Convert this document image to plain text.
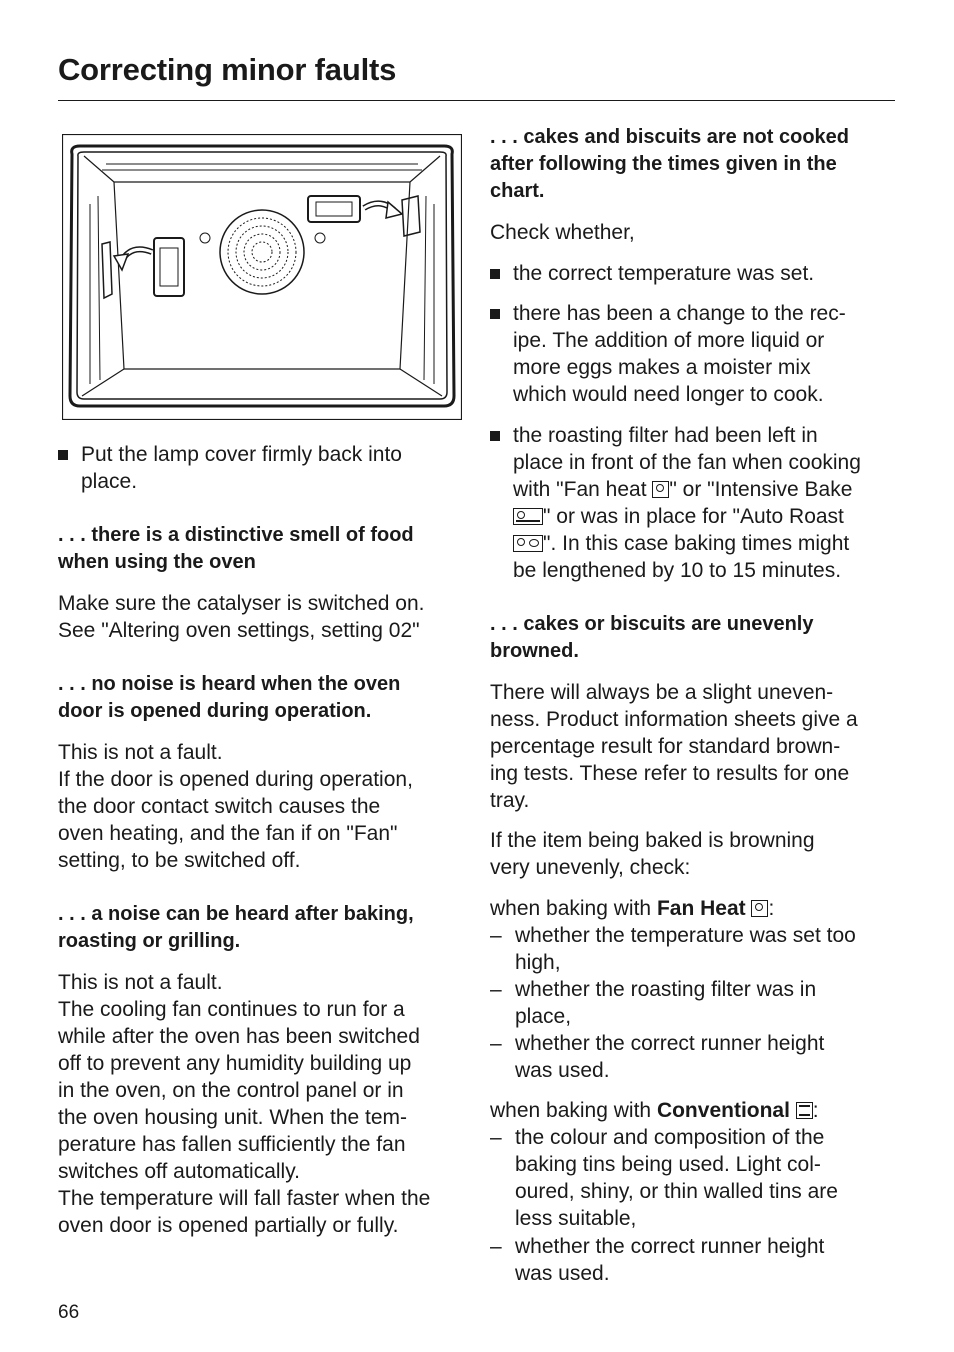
Correcting minor faults
Put the lamp cover firmly back into
place.
. . . there is a distinctive smell of food
when using the oven
Make sure the catalyser is switched on.
See "Altering oven settings, setting 02"
. . . no noise is heard when the oven
door is opened during operation.
This is not a fault.
If the door is opened during operation,
the door contact switch causes the
oven heating, and the fan if on "Fan"
setting, to be switched off.
. . . a noise can be heard after baking,
roasting or grilling.
This is not a fault.
The cooling fan continues to run for a
while after the oven has been switched
off to prevent any humidity building up
in the oven, on the control panel or in
the oven housing unit. When the tem-
perature has fallen sufficiently the fan
switches off automatically.
The temperature will fall faster when the
oven door is opened partially or fully.
. . . cakes and biscuits are not cooked
after following the times given in the
chart.
Check whether,
the correct temperature was set.
there has been a change to the rec-
ipe. The addition of more liquid or
more eggs makes a moister mix
which would need longer to cook.
the roasting filter had been left in
place in front of the fan when cooking
with "Fan heat
" or "Intensive Bake

" or was in place for "Auto Roast

". In this case baking times might
be lengthened by 10 to 15 minutes.
. . . cakes or biscuits are unevenly
browned.
There will always be a slight uneven-
ness. Product information sheets give a
percentage result for standard brown-
ing tests. These refer to results for one
tray.
If the item being baked is browning
very unevenly, check:
when baking with Fan Heat :
– whether the temperature was set too
high,
– whether the roasting filter was in
place,
– whether the correct runner height
was used.
when baking with Conventional :
– the colour and composition of the
baking tins being used. Light col-
oured, shiny, or thin walled tins are
less suitable,
– whether the correct runner height
was used.
66
